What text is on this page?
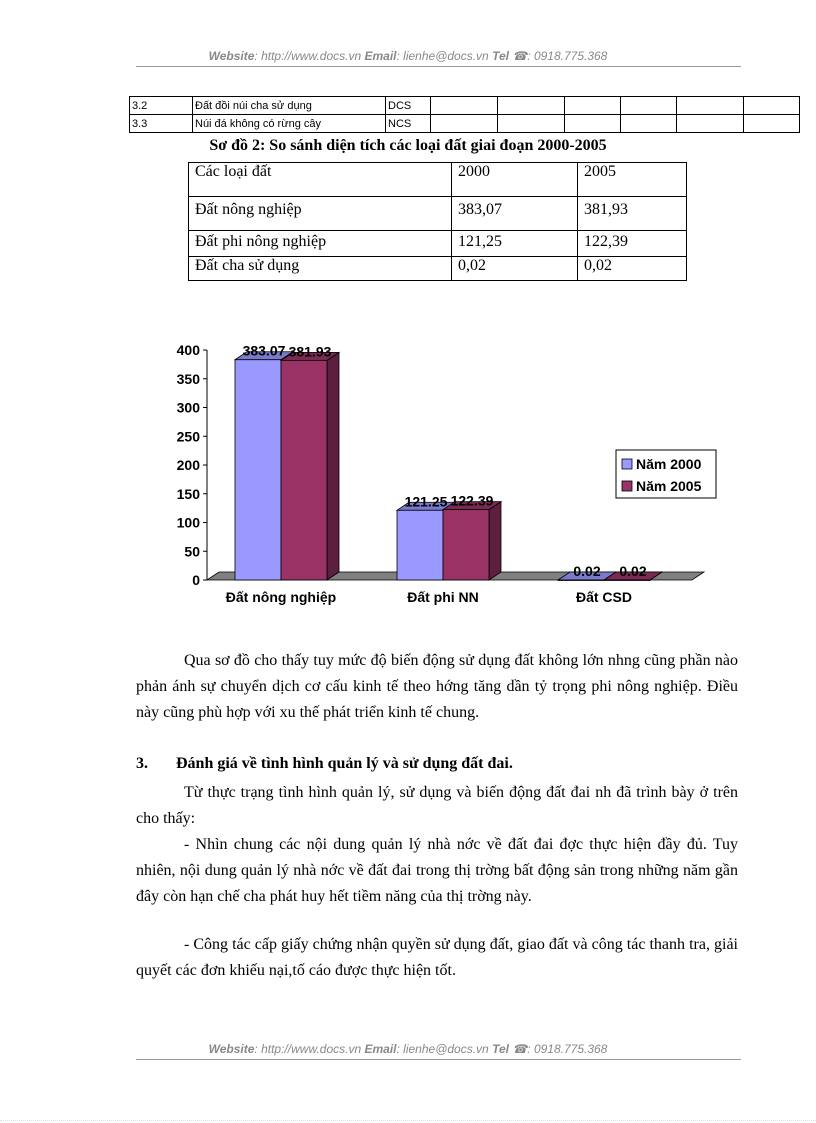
Website: http://www.docs.vn Email: lienhe@docs.vn Tel ☎: 0918.775.368
3.2	Đất đồi núi cha sử dụng	DCS						
3.3	Núi đá không có rừng cây	NCS						
Sơ đồ 2: So sánh diện tích các loại đất giai đoạn 2000-2005
Các loại đất	2000	2005
Đất nông nghiệp	383,07	381,93
Đất phi nông nghiệp	121,25	122,39
Đất cha sử dụng	0,02	0,02
0
50
100
150
200
250
300
350
400	383.07 381.93
Đất nông nghiệp
121.25 122.39
Đất phi NN
0.02 0.02
Đất CSD
Năm 2000
Năm 2005
Qua sơ đồ cho thấy tuy mức độ biến động sử dụng đất không lớn nhng cũng phần nào phản ánh sự chuyển dịch cơ cấu kinh tế theo hớng tăng dần tỷ trọng phi nông nghiệp. Điều này cũng phù hợp với xu thế phát triển kinh tế chung.
3. Đánh giá về tình hình quản lý và sử dụng đất đai.
Từ thực trạng tình hình quản lý, sử dụng và biến động đất đai nh đã trình bày ở trên cho thấy:
- Nhìn chung các nội dung quản lý nhà nớc về đất đai đợc thực hiện đầy đủ. Tuy nhiên, nội dung quản lý nhà nớc về đất đai trong thị trờng bất động sản trong những năm gần đây còn hạn chế cha phát huy hết tiềm năng của thị trờng này.
- Công tác cấp giấy chứng nhận quyền sử dụng đất, giao đất và công tác thanh tra, giải quyết các đơn khiếu nại,tố cáo được thực hiện tốt.
Website: http://www.docs.vn Email: lienhe@docs.vn Tel ☎: 0918.775.368
